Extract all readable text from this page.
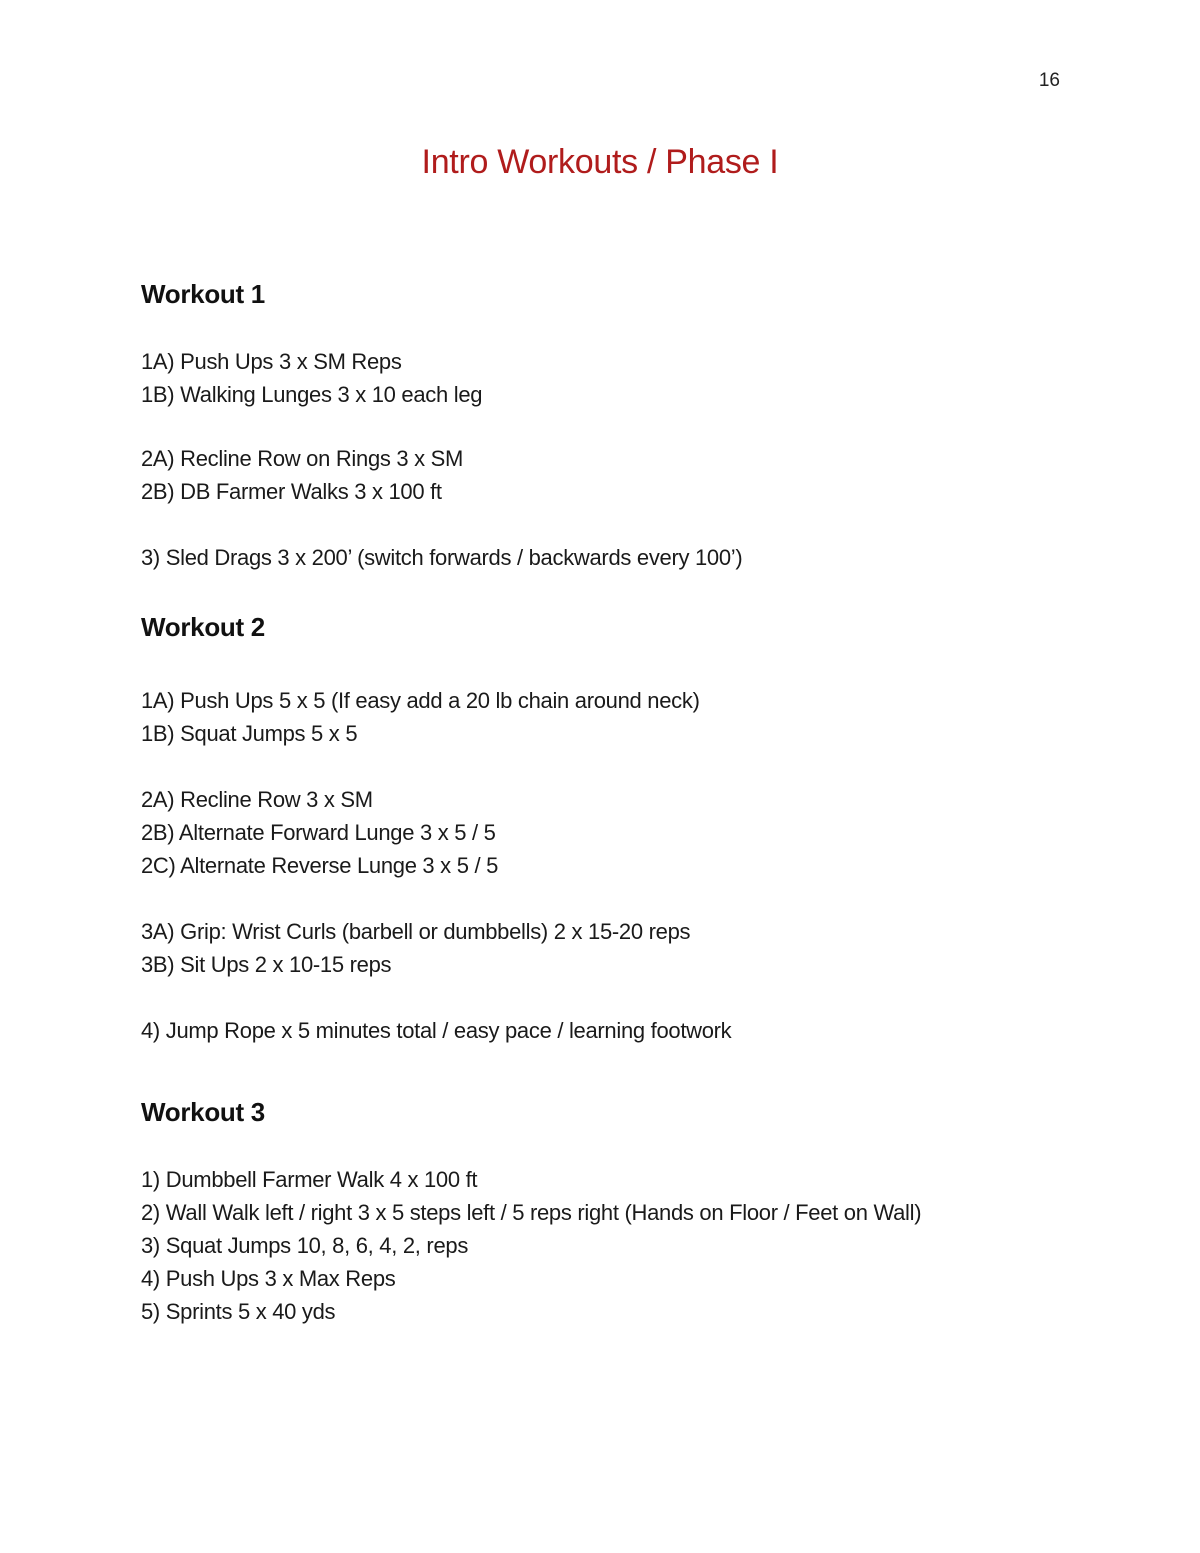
16
Intro Workouts / Phase I
Workout 1

1A) Push Ups 3 x SM Reps

1B) Walking Lunges 3 x 10 each leg

2A) Recline Row on Rings 3 x SM

2B) DB Farmer Walks 3 x 100 ft

3) Sled Drags 3 x 200’ (switch forwards / backwards every 100’)

Workout 2

1A) Push Ups 5 x 5 (If easy add a 20 lb chain around neck)

1B) Squat Jumps 5 x 5

2A) Recline Row 3 x SM

2B) Alternate Forward Lunge 3 x 5 / 5

2C) Alternate Reverse Lunge 3 x 5 / 5

3A) Grip: Wrist Curls (barbell or dumbbells) 2 x 15-20 reps

3B) Sit Ups 2 x 10-15 reps

4) Jump Rope x 5 minutes total / easy pace / learning footwork

Workout 3

1) Dumbbell Farmer Walk 4 x 100 ft

2) Wall Walk left / right 3 x 5 steps left / 5 reps right (Hands on Floor / Feet on Wall)

3) Squat Jumps 10, 8, 6, 4, 2, reps

4) Push Ups 3 x Max Reps

5) Sprints 5 x 40 yds
